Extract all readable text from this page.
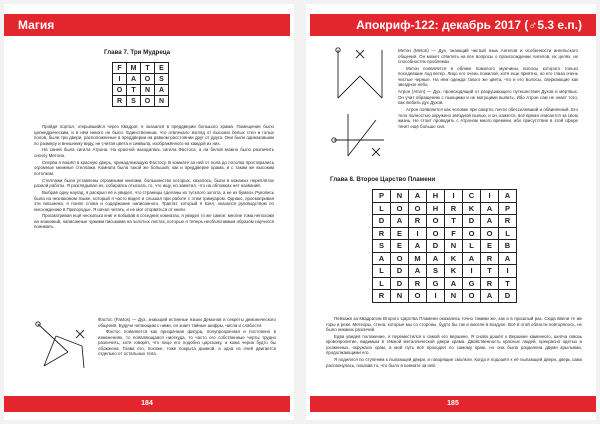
Магия
Глава 7. Три Мудреца
F	M	T	E
I	A	O	S
O	T	N	A
R	S	O	N

Пройдя портал, открывшийся через Квадрат, я оказался в преддверии большого храма. Помещение было цилиндрическим, и в нём никого не было. Единственным, что отвлекало взгляд от высоких белых стен и голых полов, были три двери, расположенные в преддверии на равном расстоянии друг от друга. Они были одинаковыми по размеру и внешнему виду, не считая цвета и символа, изображённого на каждой из них.

На синей была сигила Атрона. На красной находилась сигила Фастоса, а на белой можно было различить сигилу Метона.

Сперва я вошёл в красную дверь, принадлежащую Фастосу. В комнате за ней от пола до потолка простирались огромные книжные стеллажи. Комната была такой же большой, как и преддверие храма, и с таким же высоким потолком.

Стеллажи были уставлены огромными книгами, большинство которых, казалось, были в кожаных переплётах разной работы. Я разглядывал их, собираясь отыскать то, что ищу, но заметил, что на обложках нет названий.

Выбрав одну наугад, я раскрыл её и увидел, что страницы сделаны из тусклого золота, а не из бумаги. Рукопись была на незнакомом языке, который я часто видел и слышал при работе с этим гримуаром. Однако, просматривая эти письмена, я понял слова и содержание написанного. Трактат, который я взял, оказался руководством по нисхождению в Пригородье. Я начал читать, и не мог оторваться от книги.

Просматривая ещё несколько книг и побывав в соседних комнатах, я увидел то же самое: многие тома непохожи на знакомый, написанные чужими письмами на золотых листах, которые я теперь необъяснимым образом научился понимать.

Фастос (Fastos) — Дух, знающий истинные языки Демонов и секреты демонического общения. Будучи читающим с ними, он знает тайные шифры, числа и слабости.

Фастос появляется как призрачная фигура, полупрозрачная и постоянно в изменениях, то появляющаяся ниоткуда, то часто его собственные черты трудно различить, хотя говорят, что лицо его подобно царскому, а кожа черна будто бы обожжена. Глава его, похоже, тоже покрыта дымкой, а одна из очей двигается отдельно от остальных тела.

184
Апокриф-122: декабрь 2017 (♂5.3 е.п.)

Метон (Meton) — Дух, знающий чистый язык Ангелов и особенности ангельского общения. Он может ответить на все вопросы о происхождении Ангелов, их целях, их способностях проблемах.

Метон появляется в облике пожилого мужчины, волосы которого только поседевшие под ветер. Лицо его очень пожилой, хотя еще приятно, но его глаза очень чистые черные. На нем одежда такого же цвета, что и его волосы, сверкающие как звездное небо.

Атрон (Atron) — Дух, происходящий от разрушающего путешествия Духов и мёртвых. Он учит обращению с пьющими и не могущими выпить. Ибо Атрон сам не знает того, как любить дух Духов.

Атрон появляется как человек при смерти, почти обессилевший и обвинённый. Его тело полностью окружено звёздной пылью, и он, кажется, всё время опасается за свою жизнь. Не стоит проводить с Атроном много времени, ибо присутствие в этой сфере тянет ещё больше сил.

Глава 8. Второе Царство Пламени
P	N	A	H	I	C	I	A
L	O	O	H	R	K	A	P
D	A	R	O	T	D	A	R
R	E	I	O	F	O	O	L
S	E	A	D	N	L	E	B
A	O	M	A	K	A	R	A
L	D	A	S	K	I	T	I
L	D	R	G	A	G	R	T
R	N	O	I	N	O	A	D

Пейзажи за Квадратом Второго Царства Пламени оказались точно такими же, как и в прошлый раз. Сюда ввели те же горы и реки. Метеоры, стена, которые мы со стороны, будто бы так и висели в воздухе. Всё в этой области повторялось, не было никаких различий.

Едва увидев положение, я переместился к самой его вершине. Я снова дошёл к Вершине каменного, шепча сквозь кровопролитие, видимым в тёмной металлической двери храма. Двойственность красных людей, прекрасно одетых и ухоженных, окружала храм, а мой путь всё проходил по самому краю, но она была разделена двумя крыльями, продолжающими его.

Я поднялся по ступеням к пылающей двери, и говорящие смолкли. Когда я подошёл к её пылающей двери, дверь сама распахнулась, показав то, что было в комнате за ней.

185
